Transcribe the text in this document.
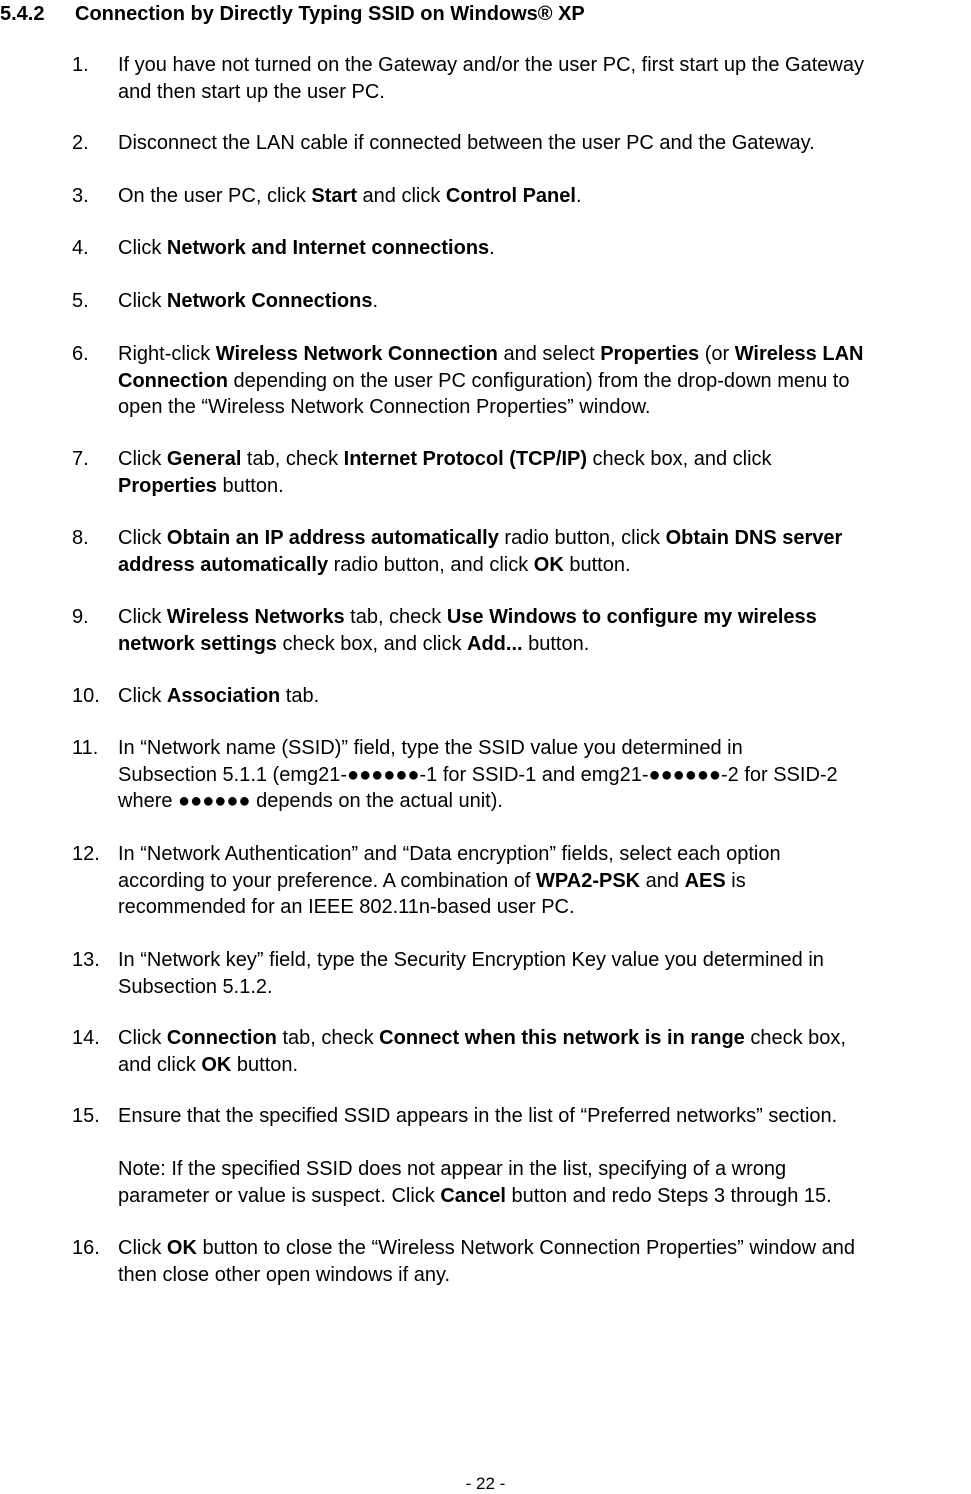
5.4.2 Connection by Directly Typing SSID on Windows® XP
1. If you have not turned on the Gateway and/or the user PC, first start up the Gateway
and then start up the user PC.
2. Disconnect the LAN cable if connected between the user PC and the Gateway.
3. On the user PC, click Start and click Control Panel.
4. Click Network and Internet connections.
5. Click Network Connections.
6. Right-click Wireless Network Connection and select Properties (or Wireless LAN
Connection depending on the user PC configuration) from the drop-down menu to
open the “Wireless Network Connection Properties” window.
7. Click General tab, check Internet Protocol (TCP/IP) check box, and click
Properties button.
8. Click Obtain an IP address automatically radio button, click Obtain DNS server
address automatically radio button, and click OK button.
9. Click Wireless Networks tab, check Use Windows to configure my wireless
network settings check box, and click Add... button.
10. Click Association tab.
11. In “Network name (SSID)” field, type the SSID value you determined in
Subsection 5.1.1 (emg21-●●●●●●-1 for SSID-1 and emg21-●●●●●●-2 for SSID-2
where ●●●●●● depends on the actual unit).
12. In “Network Authentication” and “Data encryption” fields, select each option
according to your preference. A combination of WPA2-PSK and AES is
recommended for an IEEE 802.11n-based user PC.
13. In “Network key” field, type the Security Encryption Key value you determined in
Subsection 5.1.2.
14. Click Connection tab, check Connect when this network is in range check box,
and click OK button.
15. Ensure that the specified SSID appears in the list of “Preferred networks” section.
Note: If the specified SSID does not appear in the list, specifying of a wrong
parameter or value is suspect. Click Cancel button and redo Steps 3 through 15.
16. Click OK button to close the “Wireless Network Connection Properties” window and
then close other open windows if any.
- 22 -
